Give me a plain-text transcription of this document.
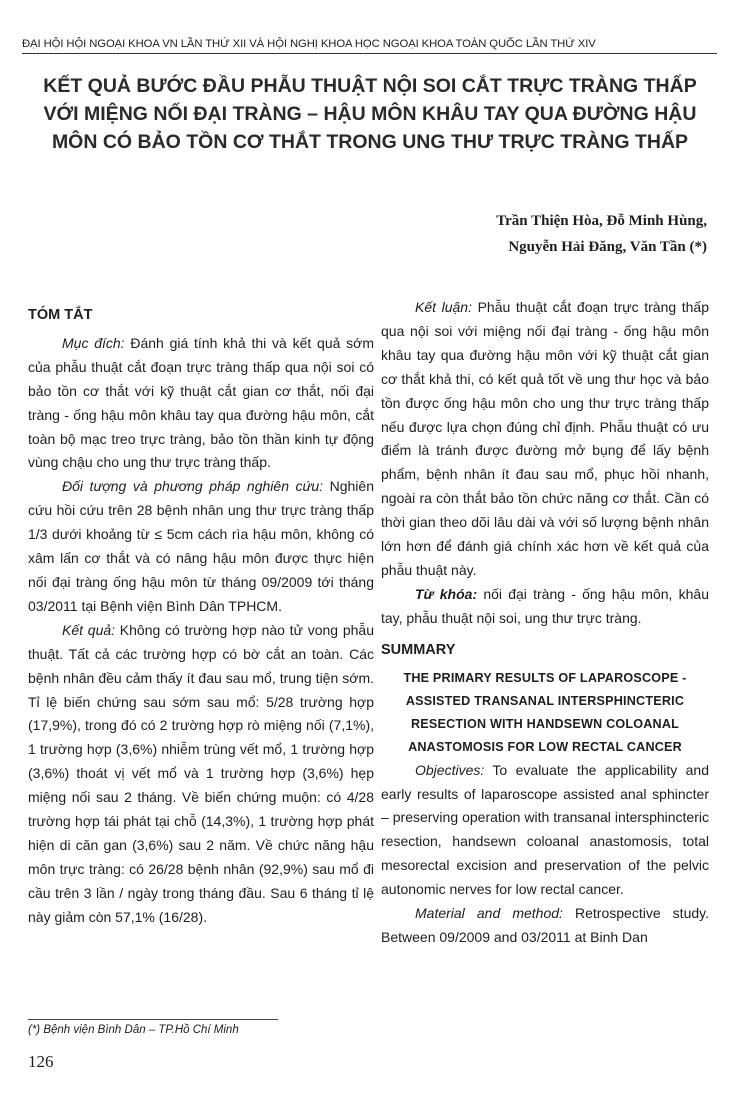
ĐẠI HỘI HỘI NGOẠI KHOA VN LẦN THỨ XII VÀ HỘI NGHỊ KHOA HỌC NGOẠI KHOA TOÀN QUỐC LẦN THỨ XIV
KẾT QUẢ BƯỚC ĐẦU PHẪU THUẬT NỘI SOI CẮT TRỰC TRÀNG THẤP VỚI MIỆNG NỐI ĐẠI TRÀNG – HẬU MÔN KHÂU TAY QUA ĐƯỜNG HẬU MÔN CÓ BẢO TỒN CƠ THẮT TRONG UNG THƯ TRỰC TRÀNG THẤP
Trần Thiện Hòa, Đỗ Minh Hùng,
Nguyễn Hải Đăng, Văn Tần (*)
TÓM TẮT

Mục đích: Đánh giá tính khả thi và kết quả sớm của phẫu thuật cắt đoạn trực tràng thấp qua nội soi có bảo tồn cơ thắt với kỹ thuật cắt gian cơ thắt, nối đại tràng - ống hậu môn khâu tay qua đường hậu môn, cắt toàn bộ mạc treo trực tràng, bảo tồn thần kinh tự động vùng chậu cho ung thư trực tràng thấp.

Đối tượng và phương pháp nghiên cứu: Nghiên cứu hồi cứu trên 28 bệnh nhân ung thư trực tràng thấp 1/3 dưới khoảng từ ≤ 5cm cách rìa hậu môn, không có xâm lấn cơ thắt và có nâng hậu môn được thực hiện nối đại tràng ống hậu môn từ tháng 09/2009 tới tháng 03/2011 tại Bệnh viện Bình Dân TPHCM.

Kết quả: Không có trường hợp nào tử vong phẫu thuật. Tất cả các trường hợp có bờ cắt an toàn. Các bệnh nhân đều cảm thấy ít đau sau mổ, trung tiện sớm. Tỉ lệ biến chứng sau sớm sau mổ: 5/28 trường hợp (17,9%), trong đó có 2 trường hợp rò miệng nối (7,1%), 1 trường hợp (3,6%) nhiễm trùng vết mổ, 1 trường hợp (3,6%) thoát vị vết mổ và 1 trường hợp (3,6%) hẹp miệng nối sau 2 tháng. Về biến chứng muộn: có 4/28 trường hợp tái phát tại chỗ (14,3%), 1 trường hợp phát hiện di căn gan (3,6%) sau 2 năm. Về chức năng hậu môn trực tràng: có 26/28 bệnh nhân (92,9%) sau mổ đi cầu trên 3 lần / ngày trong tháng đầu. Sau 6 tháng tỉ lệ này giảm còn 57,1% (16/28).

Kết luận: Phẫu thuật cắt đoạn trực tràng thấp qua nội soi với miệng nối đại tràng - ống hậu môn khâu tay qua đường hậu môn với kỹ thuật cắt gian cơ thắt khả thi, có kết quả tốt về ung thư học và bảo tồn được ống hậu môn cho ung thư trực tràng thấp nếu được lựa chọn đúng chỉ định. Phẫu thuật có ưu điểm là tránh được đường mở bụng để lấy bệnh phẩm, bệnh nhân ít đau sau mổ, phục hồi nhanh, ngoài ra còn thắt bảo tồn chức năng cơ thắt. Cần có thời gian theo dõi lâu dài và với số lượng bệnh nhân lớn hơn để đánh giá chính xác hơn về kết quả của phẫu thuật này.

Từ khóa: nối đại tràng - ống hậu môn, khâu tay, phẫu thuật nội soi, ung thư trực tràng.

SUMMARY

THE PRIMARY RESULTS OF LAPAROSCOPE - ASSISTED TRANSANAL INTERSPHINCTERIC RESECTION WITH HANDSEWN COLOANAL ANASTOMOSIS FOR LOW RECTAL CANCER

Objectives: To evaluate the applicability and early results of laparoscope assisted anal sphincter – preserving operation with transanal intersphincteric resection, handsewn coloanal anastomosis, total mesorectal excision and preservation of the pelvic autonomic nerves for low rectal cancer.

Material and method: Retrospective study. Between 09/2009 and 03/2011 at Binh Dan

(*) Bệnh viện Bình Dân – TP.Hồ Chí Minh
126
